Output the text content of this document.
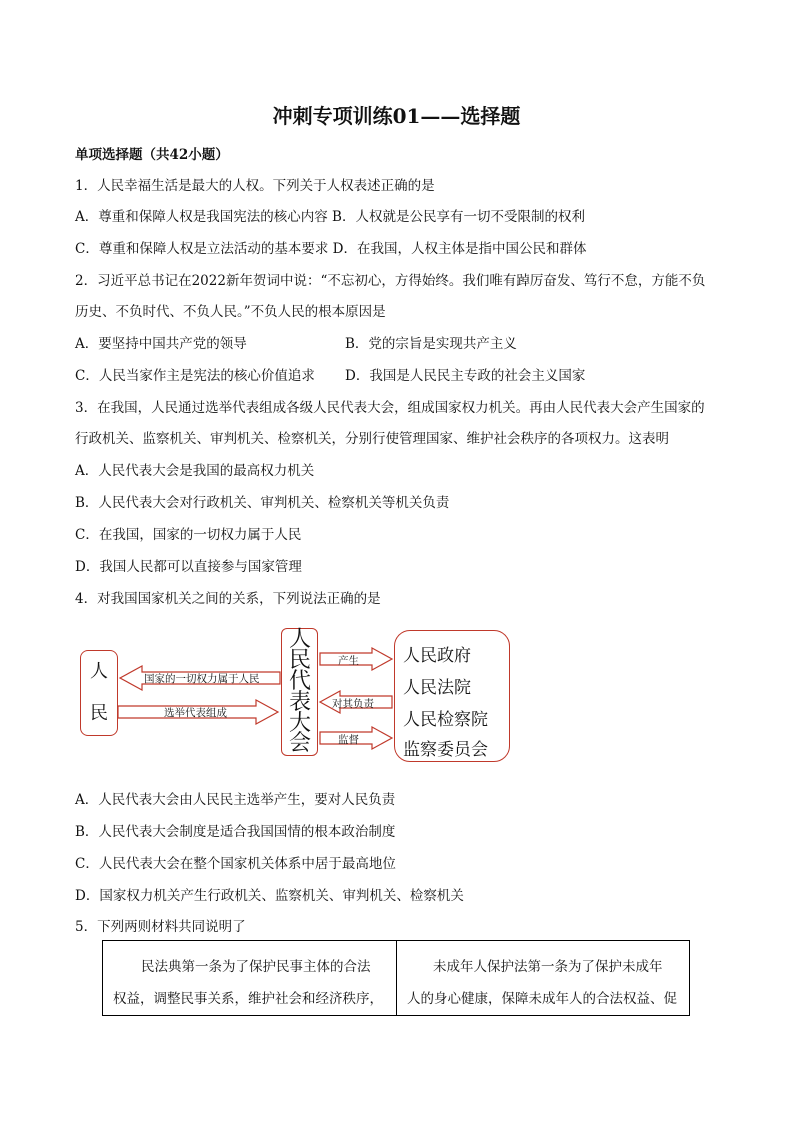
冲刺专项训练01——选择题
单项选择题（共42小题）
1．人民幸福生活是最大的人权。下列关于人权表述正确的是
A．尊重和保障人权是我国宪法的核心内容 B．人权就是公民享有一切不受限制的权利
C．尊重和保障人权是立法活动的基本要求 D．在我国，人权主体是指中国公民和群体
2．习近平总书记在2022新年贺词中说：“不忘初心，方得始终。我们唯有踔厉奋发、笃行不怠，方能不负
历史、不负时代、不负人民。”不负人民的根本原因是
A．要坚持中国共产党的领导	B．党的宗旨是实现共产主义
C．人民当家作主是宪法的核心价值追求 D．我国是人民民主专政的社会主义国家
3．在我国，人民通过选举代表组成各级人民代表大会，组成国家权力机关。再由人民代表大会产生国家的
行政机关、监察机关、审判机关、检察机关，分别行使管理国家、维护社会秩序的各项权力。这表明
A．人民代表大会是我国的最高权力机关
B．人民代表大会对行政机关、审判机关、检察机关等机关负责
C．在我国，国家的一切权力属于人民
D．我国人民都可以直接参与国家管理
4．对我国国家机关之间的关系，下列说法正确的是
人
民
国家的一切权力属于人民
选举代表组成
人
民
代
表
大
会
产生
对其负责
监督
人民政府
人民法院
人民检察院
监察委员会
A．人民代表大会由人民民主选举产生，要对人民负责
B．人民代表大会制度是适合我国国情的根本政治制度
C．人民代表大会在整个国家机关体系中居于最高地位
D．国家权力机关产生行政机关、监察机关、审判机关、检察机关
5．下列两则材料共同说明了
民法典第一条为了保护民事主体的合法
权益，调整民事关系，维护社会和经济秩序，
未成年人保护法第一条为了保护未成年
人的身心健康，保障未成年人的合法权益、促
